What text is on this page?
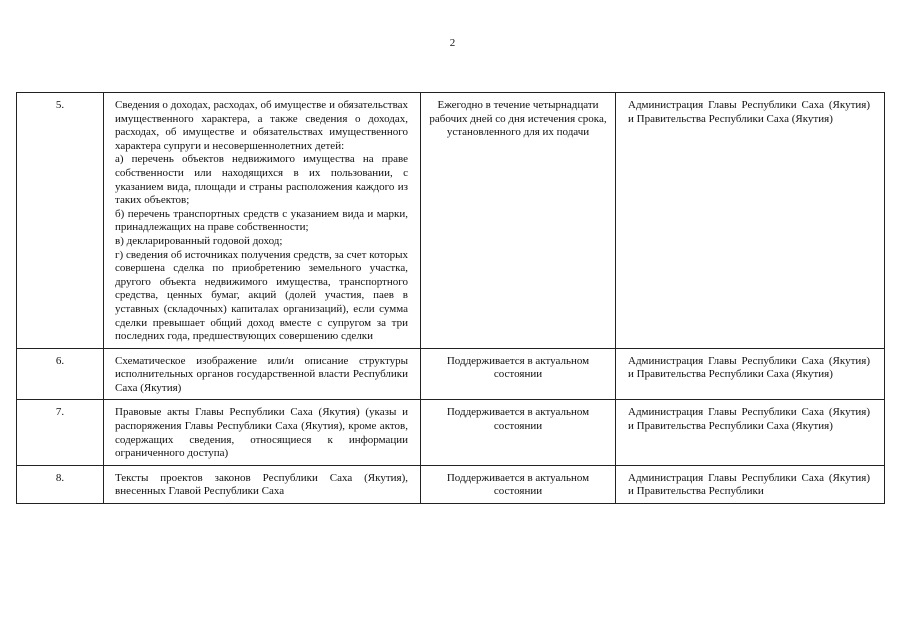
2
5.	Сведения о доходах, расходах, об имуществе и обязательствах имущественного характера, а также сведения о доходах, расходах, об имуществе и обязательствах имущественного характера супруги и несовершеннолетних детей:

а) перечень объектов недвижимого имущества на праве собственности или находящихся в их пользовании, с указанием вида, площади и страны расположения каждого из таких объектов;

б) перечень транспортных средств с указанием вида и марки, принадлежащих на праве собственности;

в) декларированный годовой доход;

г) сведения об источниках получения средств, за счет которых совершена сделка по приобретению земельного участка, другого объекта недвижимого имущества, транспортного средства, ценных бумаг, акций (долей участия, паев в уставных (складочных) капиталах организаций), если сумма сделки превышает общий доход вместе с супругом за три последних года, предшествующих совершению сделки	Ежегодно в течение четырнадцати рабочих дней со дня истечения срока, установленного для их подачи	Администрация Главы Республики Саха (Якутия) и Правительства Республики Саха (Якутия)
6.	Схематическое изображение или/и описание структуры исполнительных органов государственной власти Республики Саха (Якутия)	Поддерживается в актуальном состоянии	Администрация Главы Республики Саха (Якутия) и Правительства Республики Саха (Якутия)
7.	Правовые акты Главы Республики Саха (Якутия) (указы и распоряжения Главы Республики Саха (Якутия), кроме актов, содержащих сведения, относящиеся к информации ограниченного доступа)	Поддерживается в актуальном состоянии	Администрация Главы Республики Саха (Якутия) и Правительства Республики Саха (Якутия)
8.	Тексты проектов законов Республики Саха (Якутия), внесенных Главой Республики Саха	Поддерживается в актуальном состоянии	Администрация Главы Республики Саха (Якутия) и Правительства Республики
